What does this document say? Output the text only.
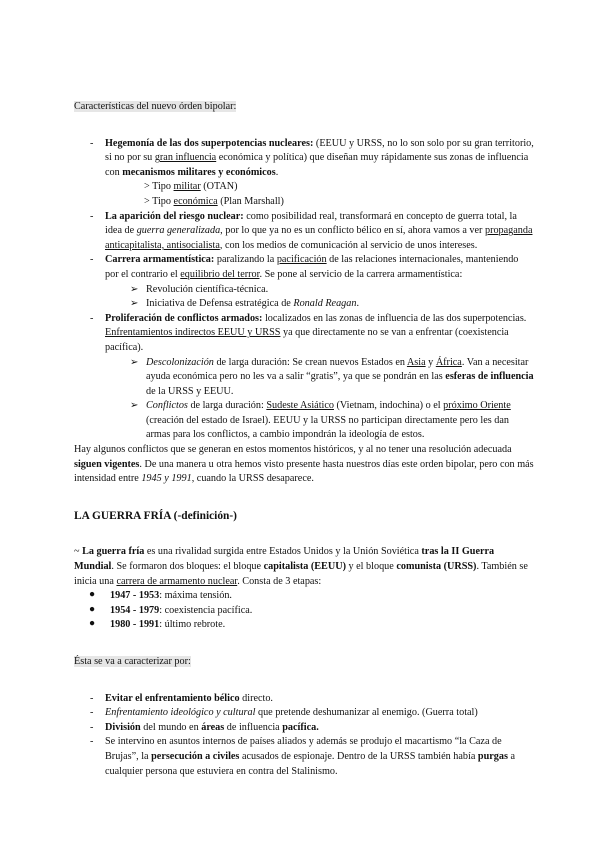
Características del nuevo órden bipolar:

- Hegemonía de las dos superpotencias nucleares: (EEUU y URSS, no lo son solo por su gran territorio, si no por su gran influencia económica y política) que diseñan muy rápidamente sus zonas de influencia con mecanismos militares y económicos.
> Tipo militar (OTAN)
> Tipo económica (Plan Marshall)
- La aparición del riesgo nuclear: como posibilidad real, transformará en concepto de guerra total, la idea de guerra generalizada, por lo que ya no es un conflicto bélico en sí, ahora vamos a ver propaganda anticapitalista, antisocialista, con los medios de comunicación al servicio de unos intereses.
- Carrera armamentística: paralizando la pacificación de las relaciones internacionales, manteniendo por el contrario el equilibrio del terror. Se pone al servicio de la carrera armamentística:
➢ Revolución científica-técnica.
➢ Iniciativa de Defensa estratégica de Ronald Reagan.
- Proliferación de conflictos armados: localizados en las zonas de influencia de las dos superpotencias. Enfrentamientos indirectos EEUU y URSS ya que directamente no se van a enfrentar (coexistencia pacífica).
➢ Descolonización de larga duración: Se crean nuevos Estados en Asia y África. Van a necesitar ayuda económica pero no les va a salir “gratis”, ya que se pondrán en las esferas de influencia de la URSS y EEUU.
➢ Conflictos de larga duración: Sudeste Asiático (Vietnam, indochina) o el próximo Oriente (creación del estado de Israel). EEUU y la URSS no participan directamente pero les dan armas para los conflictos, a cambio impondrán la ideología de estos.

Hay algunos conflictos que se generan en estos momentos históricos, y al no tener una resolución adecuada siguen vigentes. De una manera u otra hemos visto presente hasta nuestros días este orden bipolar, pero con más intensidad entre 1945 y 1991, cuando la URSS desaparece.

LA GUERRA FRÍA (-definición-)

~ La guerra fría es una rivalidad surgida entre Estados Unidos y la Unión Soviética tras la II Guerra Mundial. Se formaron dos bloques: el bloque capitalista (EEUU) y el bloque comunista (URSS). También se inicia una carrera de armamento nuclear. Consta de 3 etapas:

● 1947 - 1953: máxima tensión.
● 1954 - 1979: coexistencia pacífica.
● 1980 - 1991: último rebrote.

Ésta se va a caracterizar por:

- Evitar el enfrentamiento bélico directo.
- Enfrentamiento ideológico y cultural que pretende deshumanizar al enemigo. (Guerra total)
- División del mundo en áreas de influencia pacífica.
- Se intervino en asuntos internos de países aliados y además se produjo el macartismo “la Caza de Brujas”, la persecución a civiles acusados de espionaje. Dentro de la URSS también había purgas a cualquier persona que estuviera en contra del Stalinismo.
